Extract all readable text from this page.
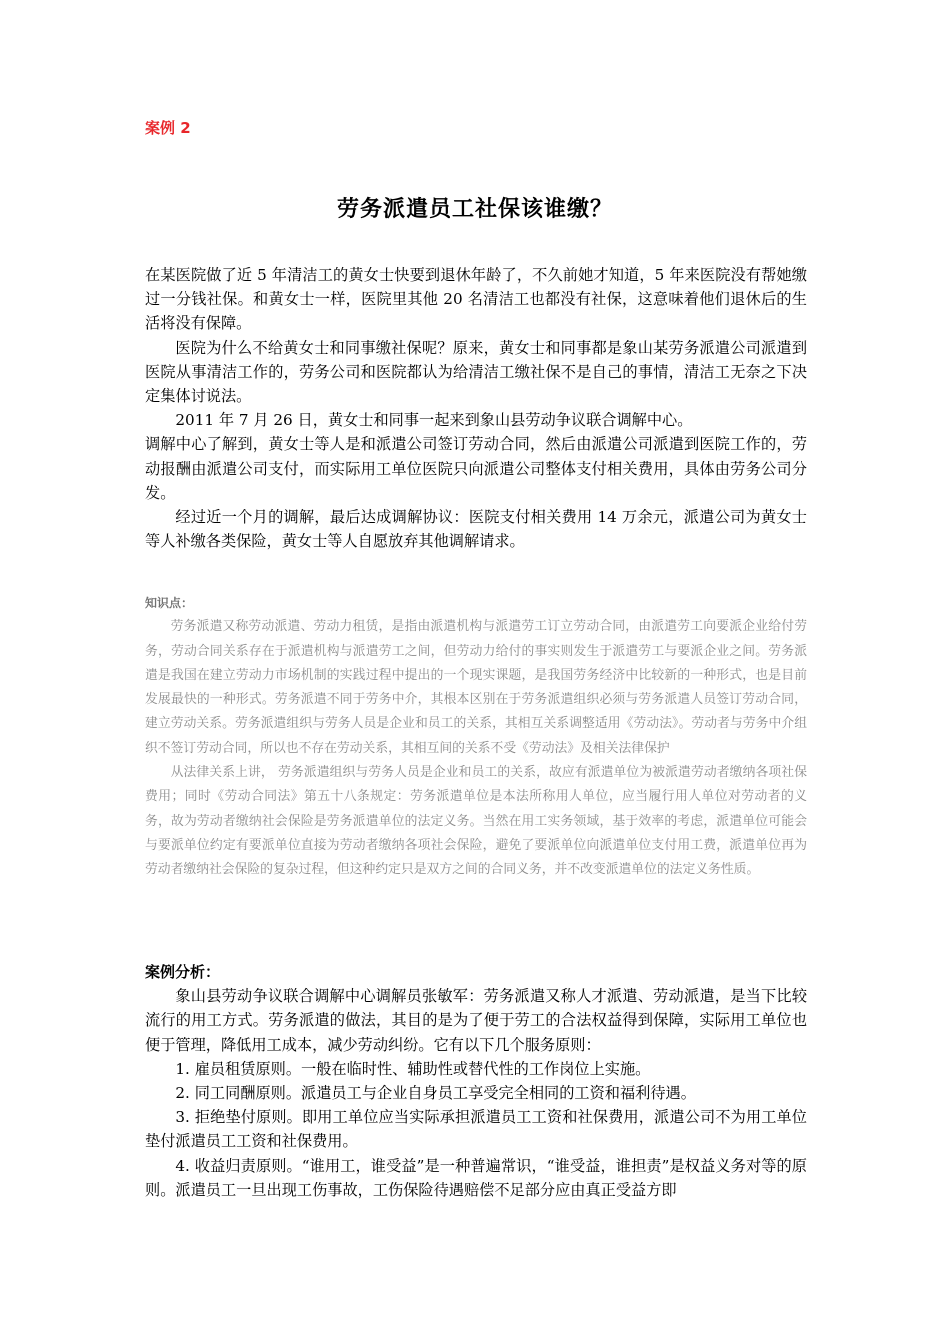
案例 2
劳务派遣员工社保该谁缴？

在某医院做了近 5 年清洁工的黄女士快要到退休年龄了，不久前她才知道，5 年来医院没有帮她缴过一分钱社保。和黄女士一样，医院里其他 20 名清洁工也都没有社保，这意味着他们退休后的生活将没有保障。

医院为什么不给黄女士和同事缴社保呢？原来，黄女士和同事都是象山某劳务派遣公司派遣到医院从事清洁工作的，劳务公司和医院都认为给清洁工缴社保不是自己的事情，清洁工无奈之下决定集体讨说法。

2011 年 7 月 26 日，黄女士和同事一起来到象山县劳动争议联合调解中心。

调解中心了解到，黄女士等人是和派遣公司签订劳动合同，然后由派遣公司派遣到医院工作的，劳动报酬由派遣公司支付，而实际用工单位医院只向派遣公司整体支付相关费用，具体由劳务公司分发。

经过近一个月的调解，最后达成调解协议：医院支付相关费用 14 万余元，派遣公司为黄女士等人补缴各类保险，黄女士等人自愿放弃其他调解请求。

知识点：

劳务派遣又称劳动派遣、劳动力租赁，是指由派遣机构与派遣劳工订立劳动合同，由派遣劳工向要派企业给付劳务，劳动合同关系存在于派遣机构与派遣劳工之间，但劳动力给付的事实则发生于派遣劳工与要派企业之间。劳务派遣是我国在建立劳动力市场机制的实践过程中提出的一个现实课题，是我国劳务经济中比较新的一种形式，也是目前发展最快的一种形式。劳务派遣不同于劳务中介，其根本区别在于劳务派遣组织必须与劳务派遣人员签订劳动合同，建立劳动关系。劳务派遣组织与劳务人员是企业和员工的关系，其相互关系调整适用《劳动法》。劳动者与劳务中介组织不签订劳动合同，所以也不存在劳动关系，其相互间的关系不受《劳动法》及相关法律保护

从法律关系上讲， 劳务派遣组织与劳务人员是企业和员工的关系，故应有派遣单位为被派遣劳动者缴纳各项社保费用；同时《劳动合同法》第五十八条规定：劳务派遣单位是本法所称用人单位，应当履行用人单位对劳动者的义务，故为劳动者缴纳社会保险是劳务派遣单位的法定义务。当然在用工实务领域，基于效率的考虑，派遣单位可能会与要派单位约定有要派单位直接为劳动者缴纳各项社会保险，避免了要派单位向派遣单位支付用工费，派遣单位再为劳动者缴纳社会保险的复杂过程，但这种约定只是双方之间的合同义务，并不改变派遣单位的法定义务性质。

案例分析：

象山县劳动争议联合调解中心调解员张敏军：劳务派遣又称人才派遣、劳动派遣，是当下比较流行的用工方式。劳务派遣的做法，其目的是为了便于劳工的合法权益得到保障，实际用工单位也便于管理，降低用工成本，减少劳动纠纷。它有以下几个服务原则：

1. 雇员租赁原则。一般在临时性、辅助性或替代性的工作岗位上实施。

2. 同工同酬原则。派遣员工与企业自身员工享受完全相同的工资和福利待遇。

3. 拒绝垫付原则。即用工单位应当实际承担派遣员工工资和社保费用，派遣公司不为用工单位垫付派遣员工工资和社保费用。

4. 收益归责原则。“谁用工，谁受益”是一种普遍常识，“谁受益，谁担责”是权益义务对等的原则。派遣员工一旦出现工伤事故，工伤保险待遇赔偿不足部分应由真正受益方即
